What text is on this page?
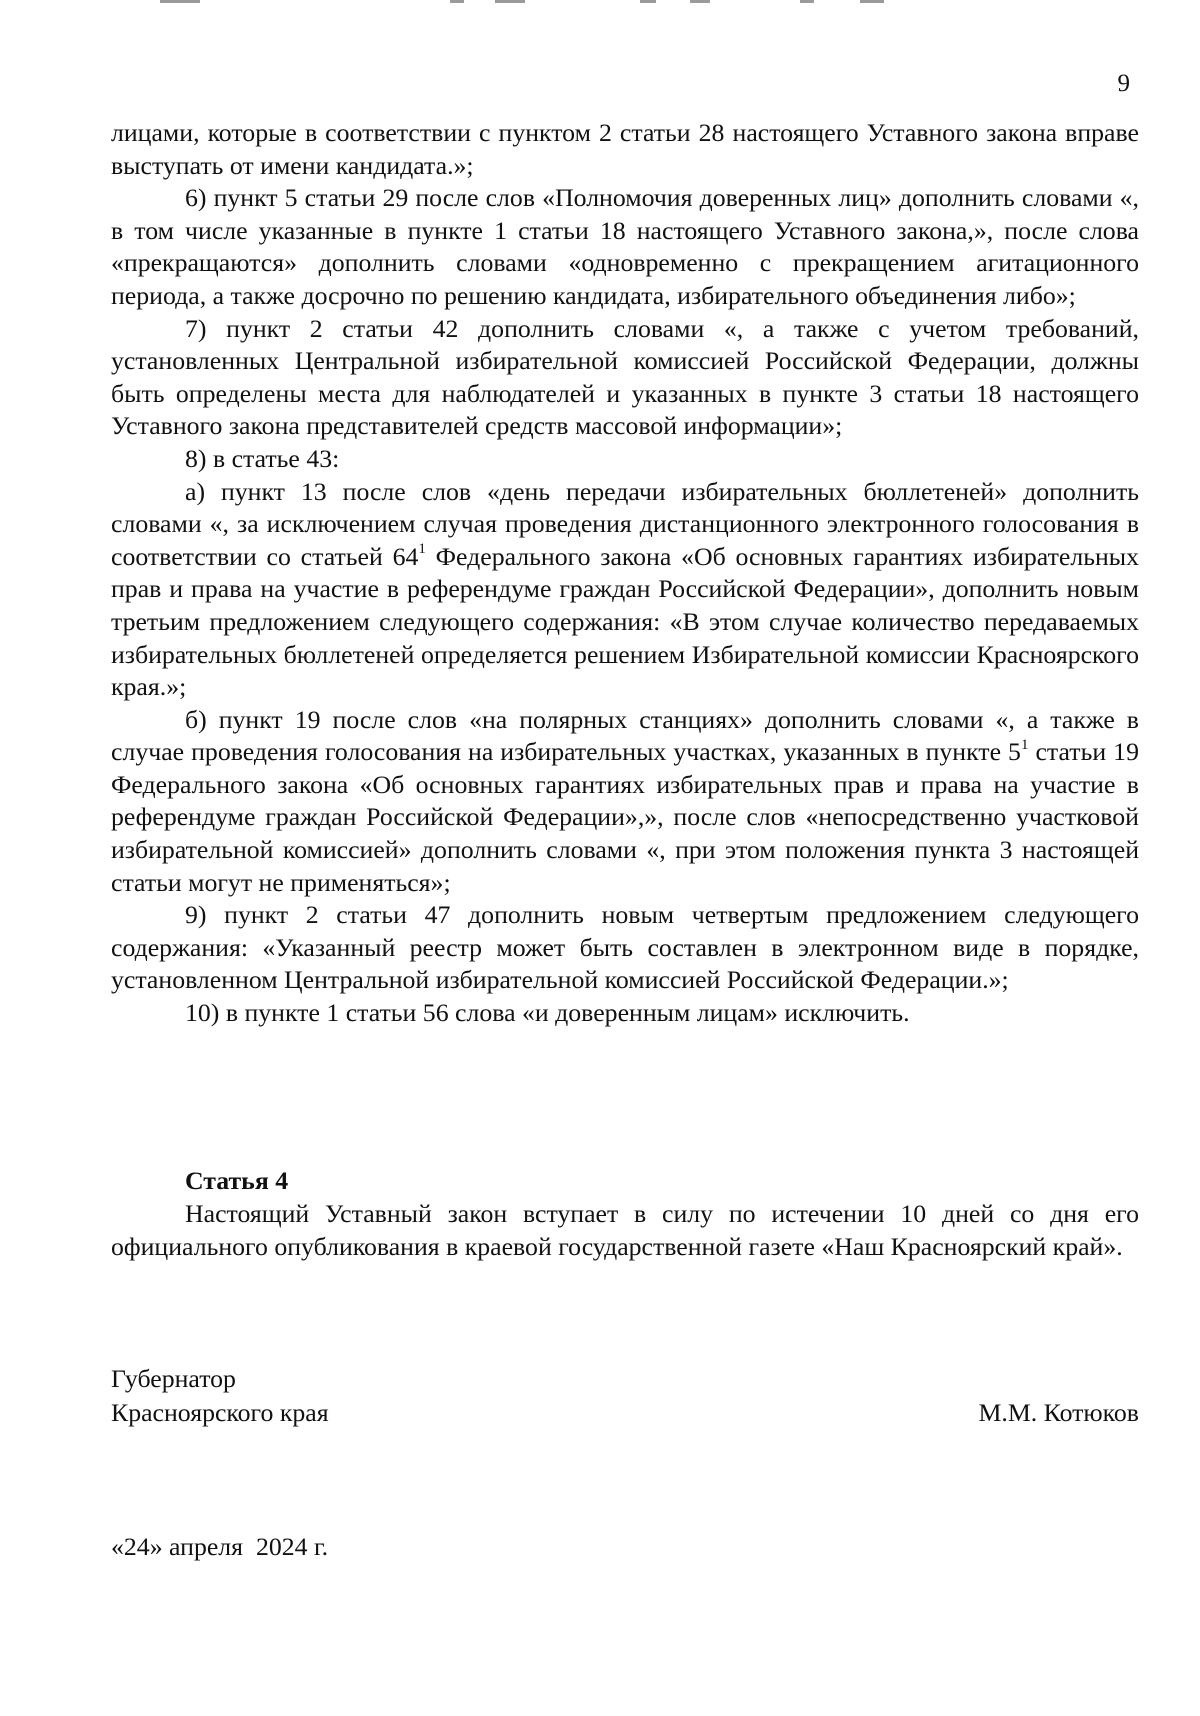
9

лицами, которые в соответствии с пунктом 2 статьи 28 настоящего Уставного закона вправе выступать от имени кандидата.»;

6) пункт 5 статьи 29 после слов «Полномочия доверенных лиц» дополнить словами «, в том числе указанные в пункте 1 статьи 18 настоящего Уставного закона,», после слова «прекращаются» дополнить словами «одновременно с прекращением агитационного периода, а также досрочно по решению кандидата, избирательного объединения либо»;

7) пункт 2 статьи 42 дополнить словами «, а также с учетом требований, установленных Центральной избирательной комиссией Российской Федерации, должны быть определены места для наблюдателей и указанных в пункте 3 статьи 18 настоящего Уставного закона представителей средств массовой информации»;

8) в статье 43:

а) пункт 13 после слов «день передачи избирательных бюллетеней» дополнить словами «, за исключением случая проведения дистанционного электронного голосования в соответствии со статьей $64^1$ Федерального закона «Об основных гарантиях избирательных прав и права на участие в референдуме граждан Российской Федерации», дополнить новым третьим предложением следующего содержания: «В этом случае количество передаваемых избирательных бюллетеней определяется решением Избирательной комиссии Красноярского края.»;

б) пункт 19 после слов «на полярных станциях» дополнить словами «, а также в случае проведения голосования на избирательных участках, указанных в пункте $5^1$ статьи 19 Федерального закона «Об основных гарантиях избирательных прав и права на участие в референдуме граждан Российской Федерации»,», после слов «непосредственно участковой избирательной комиссией» дополнить словами «, при этом положения пункта 3 настоящей статьи могут не применяться»;

9) пункт 2 статьи 47 дополнить новым четвертым предложением следующего содержания: «Указанный реестр может быть составлен в электронном виде в порядке, установленном Центральной избирательной комиссией Российской Федерации.»;

10) в пункте 1 статьи 56 слова «и доверенным лицам» исключить.

Статья 4

Настоящий Уставный закон вступает в силу по истечении 10 дней со дня его официального опубликования в краевой государственной газете «Наш Красноярский край».

Губернатор
Красноярского края	М.М. Котюков
«24» апреля  2024 г.
